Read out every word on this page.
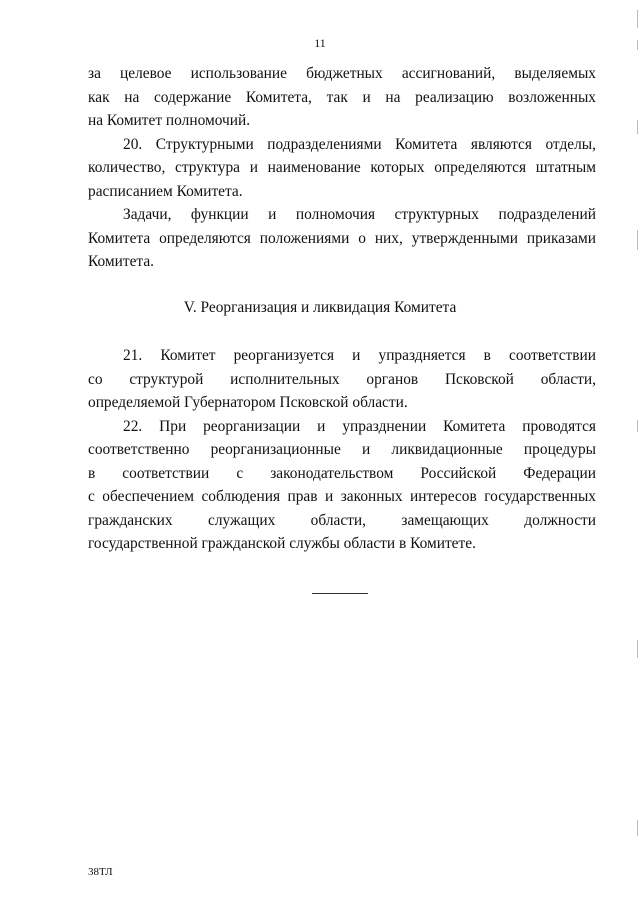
11

за целевое использование бюджетных ассигнований, выделяемых
как на содержание Комитета, так и на реализацию возложенных
на Комитет полномочий.

20. Структурными подразделениями Комитета являются отделы,
количество, структура и наименование которых определяются штатным
расписанием Комитета.

Задачи, функции и полномочия структурных подразделений
Комитета определяются положениями о них, утвержденными приказами
Комитета.

V. Реорганизация и ликвидация Комитета

21. Комитет реорганизуется и упраздняется в соответствии
со структурой исполнительных органов Псковской области,
определяемой Губернатором Псковской области.

22. При реорганизации и упразднении Комитета проводятся
соответственно реорганизационные и ликвидационные процедуры
в соответствии с законодательством Российской Федерации
с обеспечением соблюдения прав и законных интересов государственных
гражданских служащих области, замещающих должности
государственной гражданской службы области в Комитете.

38ТЛ
